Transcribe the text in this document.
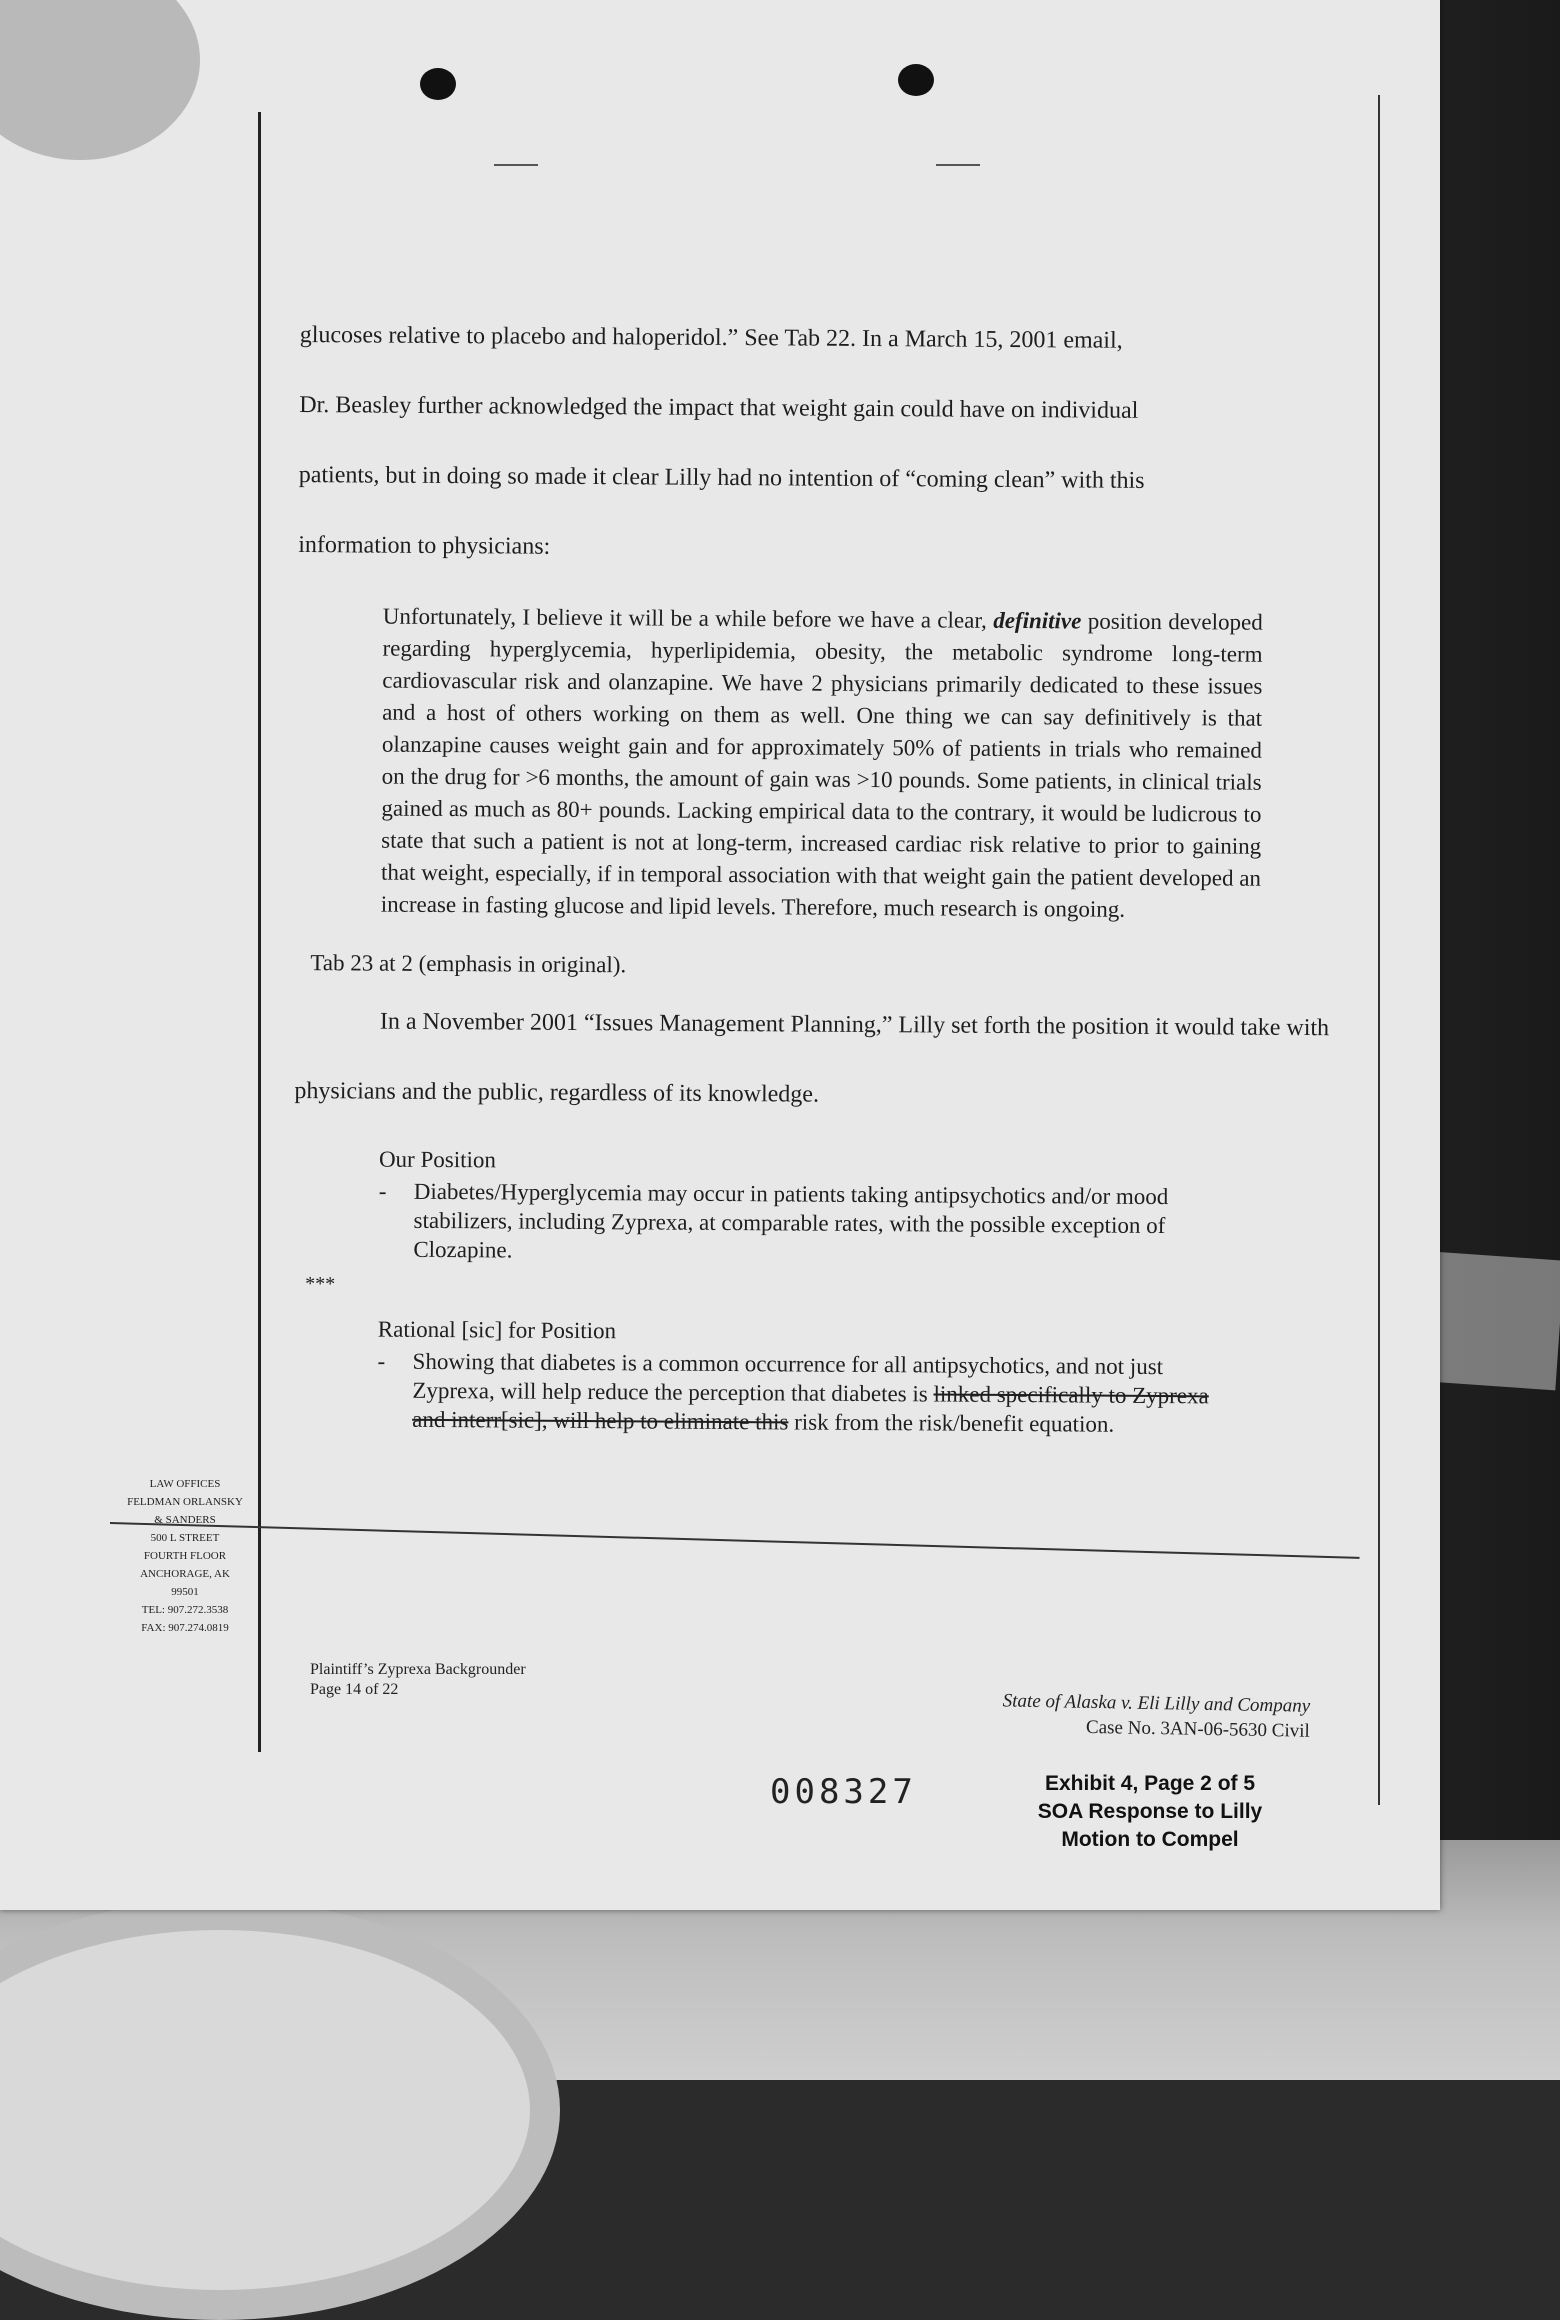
glucoses relative to placebo and haloperidol.” See Tab 22. In a March 15, 2001 email,

Dr. Beasley further acknowledged the impact that weight gain could have on individual

patients, but in doing so made it clear Lilly had no intention of “coming clean” with this

information to physicians:

Unfortunately, I believe it will be a while before we have a clear, definitive position developed regarding hyperglycemia, hyperlipidemia, obesity, the metabolic syndrome long-term cardiovascular risk and olanzapine. We have 2 physicians primarily dedicated to these issues and a host of others working on them as well. One thing we can say definitively is that olanzapine causes weight gain and for approximately 50% of patients in trials who remained on the drug for >6 months, the amount of gain was >10 pounds. Some patients, in clinical trials gained as much as 80+ pounds. Lacking empirical data to the contrary, it would be ludicrous to state that such a patient is not at long-term, increased cardiac risk relative to prior to gaining that weight, especially, if in temporal association with that weight gain the patient developed an increase in fasting glucose and lipid levels. Therefore, much research is ongoing.

Tab 23 at 2 (emphasis in original).

In a November 2001 “Issues Management Planning,” Lilly set forth the position it would take with physicians and the public, regardless of its knowledge.

Our Position

-	Diabetes/Hyperglycemia may occur in patients taking antipsychotics and/or mood stabilizers, including Zyprexa, at comparable rates, with the possible exception of Clozapine.

***

Rational [sic] for Position

-	Showing that diabetes is a common occurrence for all antipsychotics, and not just Zyprexa, will help reduce the perception that diabetes is linked specifically to Zyprexa and interr[sic], will help to eliminate this risk from the risk/benefit equation.
LAW OFFICES
FELDMAN ORLANSKY
& SANDERS
500 L STREET
FOURTH FLOOR
ANCHORAGE, AK
99501
TEL: 907.272.3538
FAX: 907.274.0819
Plaintiff’s Zyprexa Backgrounder
Page 14 of 22
State of Alaska v. Eli Lilly and Company
Case No. 3AN-06-5630 Civil
008327	Exhibit 4, Page 2 of 5
SOA Response to Lilly
Motion to Compel
